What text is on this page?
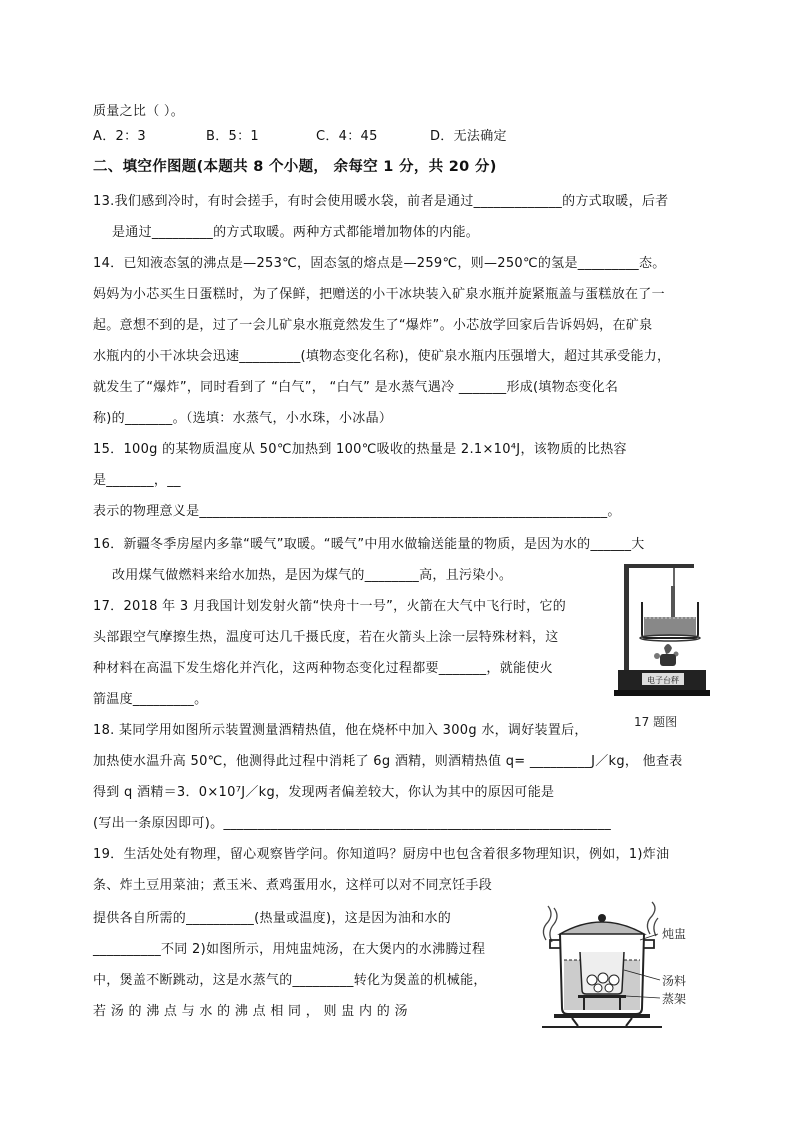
质量之比（ ）。
A．2：3	B．5：1	C．4：45	D．无法确定
二、填空作图题(本题共 8 个小题， 余每空 1 分，共 20 分)
13.我们感到冷时，有时会搓手，有时会使用暖水袋，前者是通过_____________的方式取暖，后者
是通过_________的方式取暖。两种方式都能增加物体的内能。
14．已知液态氢的沸点是—253℃，固态氢的熔点是—259℃，则—250℃的氢是_________态。
妈妈为小芯买生日蛋糕时，为了保鲜，把赠送的小干冰块装入矿泉水瓶并旋紧瓶盖与蛋糕放在了一
起。意想不到的是，过了一会儿矿泉水瓶竟然发生了“爆炸”。小芯放学回家后告诉妈妈，在矿泉
水瓶内的小干冰块会迅速_________(填物态变化名称)，使矿泉水瓶内压强增大，超过其承受能力，
就发生了“爆炸”，同时看到了 “白气”， “白气” 是水蒸气遇冷 _______形成(填物态变化名
称)的_______。（选填：水蒸气，小水珠，小冰晶）
15．100g 的某物质温度从 50℃加热到 100℃吸收的热量是 2.1×10⁴J，该物质的比热容
是_______，__
表示的物理意义是____________________________________________________________。
16．新疆冬季房屋内多靠“暖气”取暖。“暖气”中用水做输送能量的物质，是因为水的______大
改用煤气做燃料来给水加热，是因为煤气的________高，且污染小。
17．2018 年 3 月我国计划发射火箭“快舟十一号”，火箭在大气中飞行时，它的
头部跟空气摩擦生热，温度可达几千摄氏度，若在火箭头上涂一层特殊材料，这
种材料在高温下发生熔化并汽化，这两种物态变化过程都要_______，就能使火
箭温度_________。
18. 某同学用如图所示装置测量酒精热值，他在烧杯中加入 300g 水，调好装置后，
加热使水温升高 50℃，他测得此过程中消耗了 6g 酒精，则酒精热值 q= _________J／kg， 他查表
得到 q 酒精＝3．0×10⁷J／kg，发现两者偏差较大，你认为其中的原因可能是
(写出一条原因即可)。_________________________________________________________
19．生活处处有物理，留心观察皆学问。你知道吗？厨房中也包含着很多物理知识，例如，1)炸油
条、炸土豆用菜油；煮玉米、煮鸡蛋用水，这样可以对不同烹饪手段
提供各自所需的__________(热量或温度)，这是因为油和水的
__________不同 2)如图所示，用炖盅炖汤，在大煲内的水沸腾过程
中，煲盖不断跳动，这是水蒸气的_________转化为煲盖的机械能，
若 汤 的 沸 点 与 水 的 沸 点 相 同 ， 则 盅 内 的 汤
电子台秤
17 题图
炖盅
汤料
蒸架
